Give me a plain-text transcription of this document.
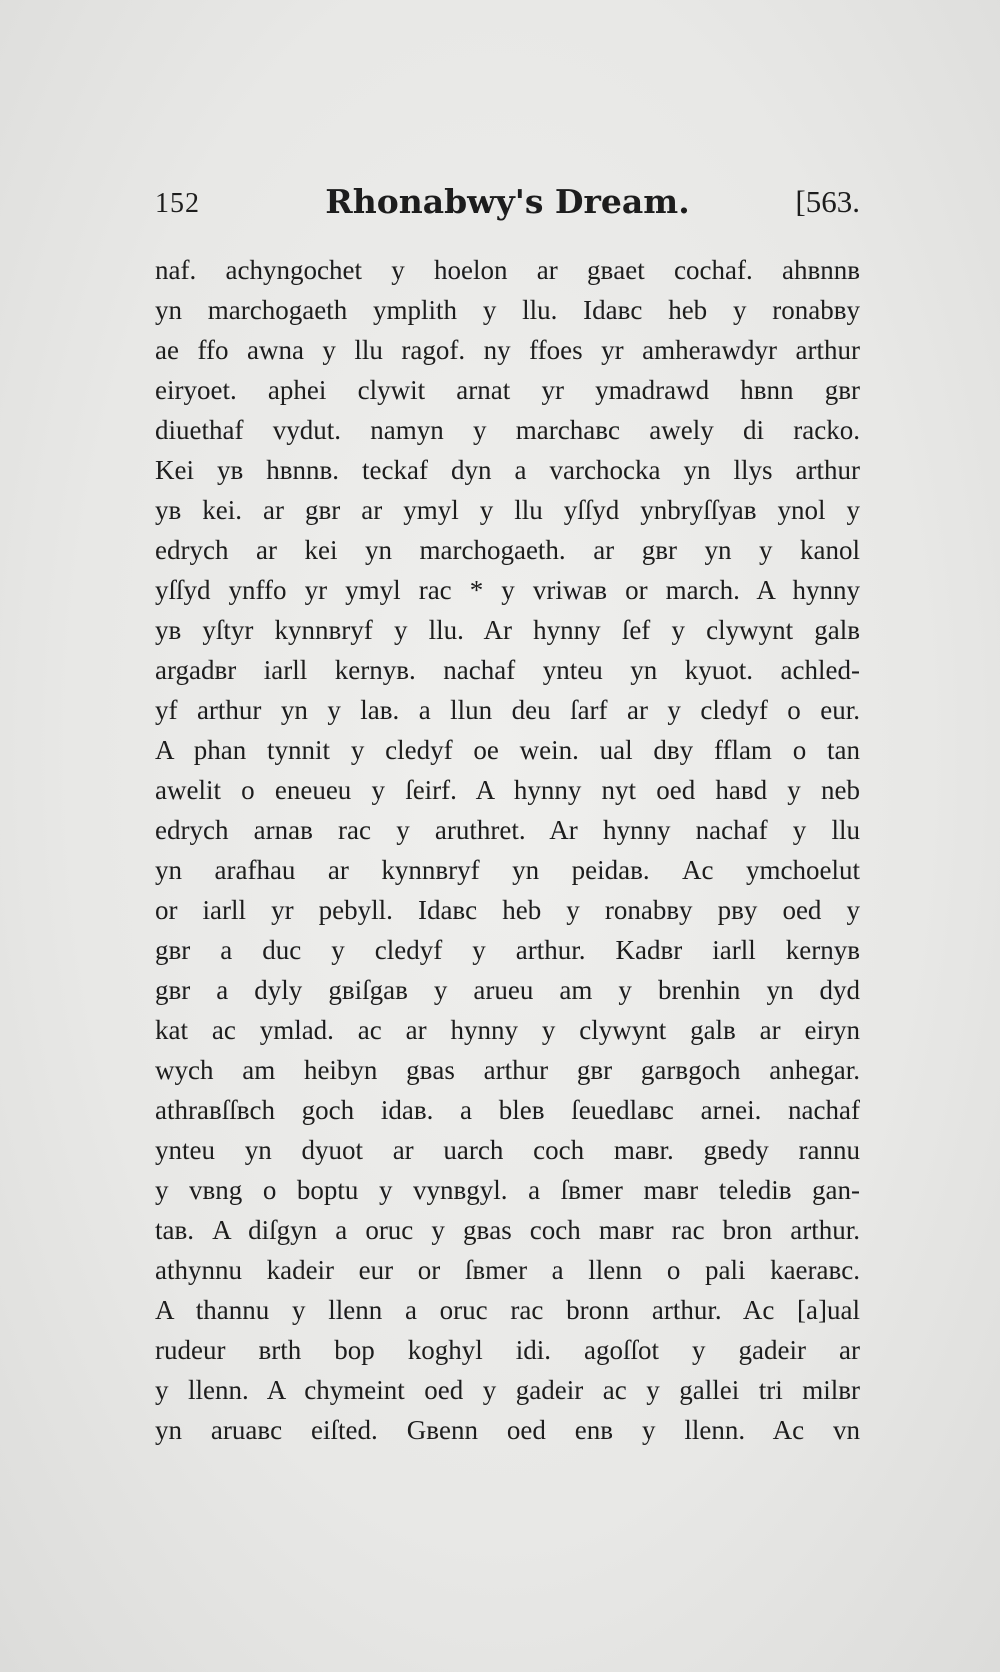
152	Rhonabwy's Dream.	[563.
naf. achyngochet y hoelon ar gвaet cochaf. ahвnnв
yn marchogaeth ymplith y llu. Idaвc heb y ronabвy
ae ffo awna y llu ragof. ny ffoes yr amherawdyr arthur
eiryoet. aphei clywit arnat yr ymadrawd hвnn gвr
diuethaf vydut. namyn y marchaвc awely di racko.
Kei yв hвnnв. teckaf dyn a varchocka yn llys arthur
yв kei. ar gвr ar ymyl y llu yſſyd ynbryſſyaв ynol y
edrych ar kei yn marchogaeth. ar gвr yn y kanol
yſſyd ynffo yr ymyl rac * y vriwaв or march. A hynny
yв yſtyr kynnвryf y llu. Ar hynny ſef y clywynt galв
argadвr iarll kernyв. nachaf ynteu yn kyuot. achled-
yf arthur yn y laв. a llun deu ſarf ar y cledyf o eur.
A phan tynnit y cledyf oe wein. ual dвy fflam o tan
awelit o eneueu y ſeirf. A hynny nyt oed haвd y neb
edrych arnaв rac y aruthret. Ar hynny nachaf y llu
yn arafhau ar kynnвryf yn peidaв. Ac ymchoelut
or iarll yr pebyll. Idaвc heb y ronabвy pвy oed y
gвr a duc y cledyf y arthur. Kadвr iarll kernyв
gвr a dyly gвiſgaв y arueu am y brenhin yn dyd
kat ac ymlad. ac ar hynny y clywynt galв ar eiryn
wych am heibyn gвas arthur gвr garвgoch anhegar.
athraвſſвch goch idaв. a bleв ſeuedlaвc arnei. nachaf
ynteu yn dyuot ar uarch coch maвr. gвedy rannu
y vвng o boptu y vynвgyl. a ſвmer maвr telediв gan-
taв. A diſgyn a oruc y gвas coch maвr rac bron arthur.
athynnu kadeir eur or ſвmer a llenn o pali kaeraвc.
A thannu y llenn a oruc rac bronn arthur. Ac [a]ual
rudeur вrth bop koghyl idi. agoſſot y gadeir ar
y llenn. A chymeint oed y gadeir ac y gallei tri milвr
yn aruaвc eiſted. Gвenn oed enв y llenn. Ac vn
